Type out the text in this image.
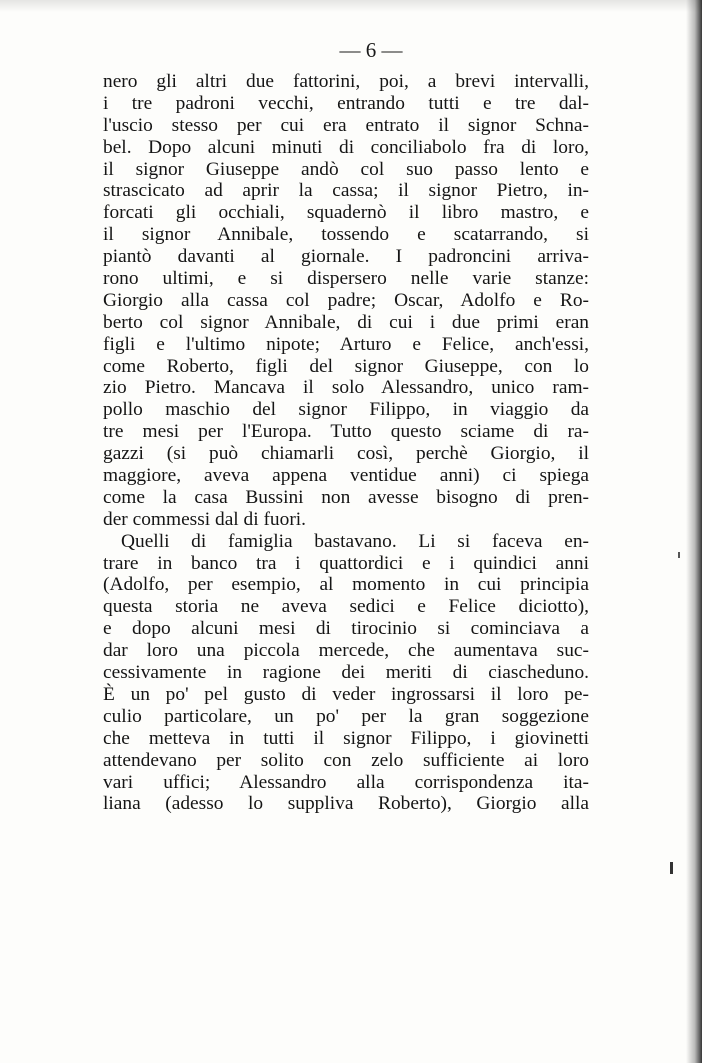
— 6 —
nero gli altri due fattorini, poi, a brevi intervalli,
i tre padroni vecchi, entrando tutti e tre dal-
l'uscio stesso per cui era entrato il signor Schna-
bel. Dopo alcuni minuti di conciliabolo fra di loro,
il signor Giuseppe andò col suo passo lento e
strascicato ad aprir la cassa; il signor Pietro, in-
forcati gli occhiali, squadernò il libro mastro, e
il signor Annibale, tossendo e scatarrando, si
piantò davanti al giornale. I padroncini arriva-
rono ultimi, e si dispersero nelle varie stanze:
Giorgio alla cassa col padre; Oscar, Adolfo e Ro-
berto col signor Annibale, di cui i due primi eran
figli e l'ultimo nipote; Arturo e Felice, anch'essi,
come Roberto, figli del signor Giuseppe, con lo
zio Pietro. Mancava il solo Alessandro, unico ram-
pollo maschio del signor Filippo, in viaggio da
tre mesi per l'Europa. Tutto questo sciame di ra-
gazzi (si può chiamarli così, perchè Giorgio, il
maggiore, aveva appena ventidue anni) ci spiega
come la casa Bussini non avesse bisogno di pren-
der commessi dal di fuori.
Quelli di famiglia bastavano. Li si faceva en-
trare in banco tra i quattordici e i quindici anni
(Adolfo, per esempio, al momento in cui principia
questa storia ne aveva sedici e Felice diciotto),
e dopo alcuni mesi di tirocinio si cominciava a
dar loro una piccola mercede, che aumentava suc-
cessivamente in ragione dei meriti di ciascheduno.
È un po' pel gusto di veder ingrossarsi il loro pe-
culio particolare, un po' per la gran soggezione
che metteva in tutti il signor Filippo, i giovinetti
attendevano per solito con zelo sufficiente ai loro
vari uffici; Alessandro alla corrispondenza ita-
liana (adesso lo suppliva Roberto), Giorgio alla
